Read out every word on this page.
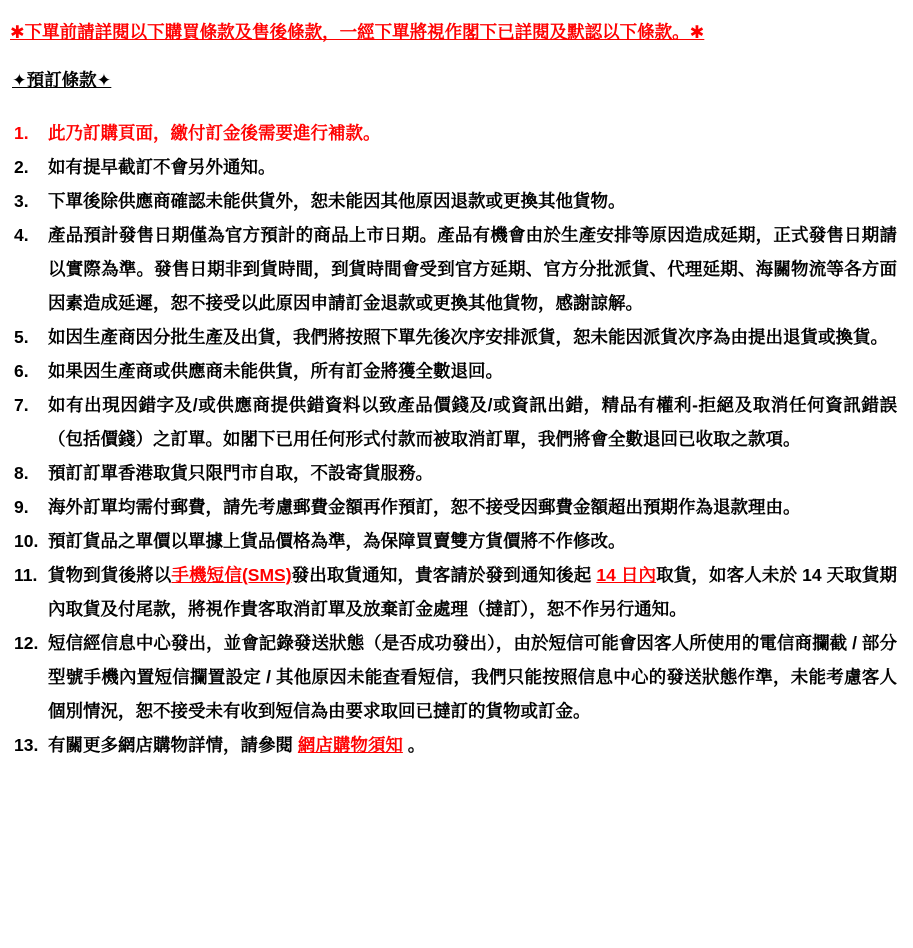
✱下單前請詳閱以下購買條款及售後條款，一經下單將視作閣下已詳閱及默認以下條款。✱
✦預訂條款✦
1. 此乃訂購頁面，繳付訂金後需要進行補款。
2. 如有提早截訂不會另外通知。
3. 下單後除供應商確認未能供貨外，恕未能因其他原因退款或更換其他貨物。
4. 產品預計發售日期僅為官方預計的商品上市日期。產品有機會由於生產安排等原因造成延期，正式發售日期請以實際為準。發售日期非到貨時間，到貨時間會受到官方延期、官方分批派貨、代理延期、海關物流等各方面因素造成延遲，恕不接受以此原因申請訂金退款或更換其他貨物，感謝諒解。
5. 如因生產商因分批生產及出貨，我們將按照下單先後次序安排派貨，恕未能因派貨次序為由提出退貨或換貨。
6. 如果因生產商或供應商未能供貨，所有訂金將獲全數退回。
7. 如有出現因錯字及/或供應商提供錯資料以致產品價錢及/或資訊出錯，精品有權利-拒絕及取消任何資訊錯誤（包括價錢）之訂單。如閣下已用任何形式付款而被取消訂單，我們將會全數退回已收取之款項。
8. 預訂訂單香港取貨只限門市自取，不設寄貨服務。
9. 海外訂單均需付郵費，請先考慮郵費金額再作預訂，恕不接受因郵費金額超出預期作為退款理由。
10. 預訂貨品之單價以單據上貨品價格為準，為保障買賣雙方貨價將不作修改。
11. 貨物到貨後將以手機短信(SMS)發出取貨通知，貴客請於發到通知後起 14 日內取貨，如客人未於 14 天取貨期內取貨及付尾款，將視作貴客取消訂單及放棄訂金處理（撻訂），恕不作另行通知。
12. 短信經信息中心發出，並會記錄發送狀態（是否成功發出），由於短信可能會因客人所使用的電信商攔截 / 部分型號手機內置短信攔置設定 / 其他原因未能查看短信，我們只能按照信息中心的發送狀態作準，未能考慮客人個別情況，恕不接受未有收到短信為由要求取回已撻訂的貨物或訂金。
13. 有關更多網店購物詳情，請參閱 網店購物須知 。
